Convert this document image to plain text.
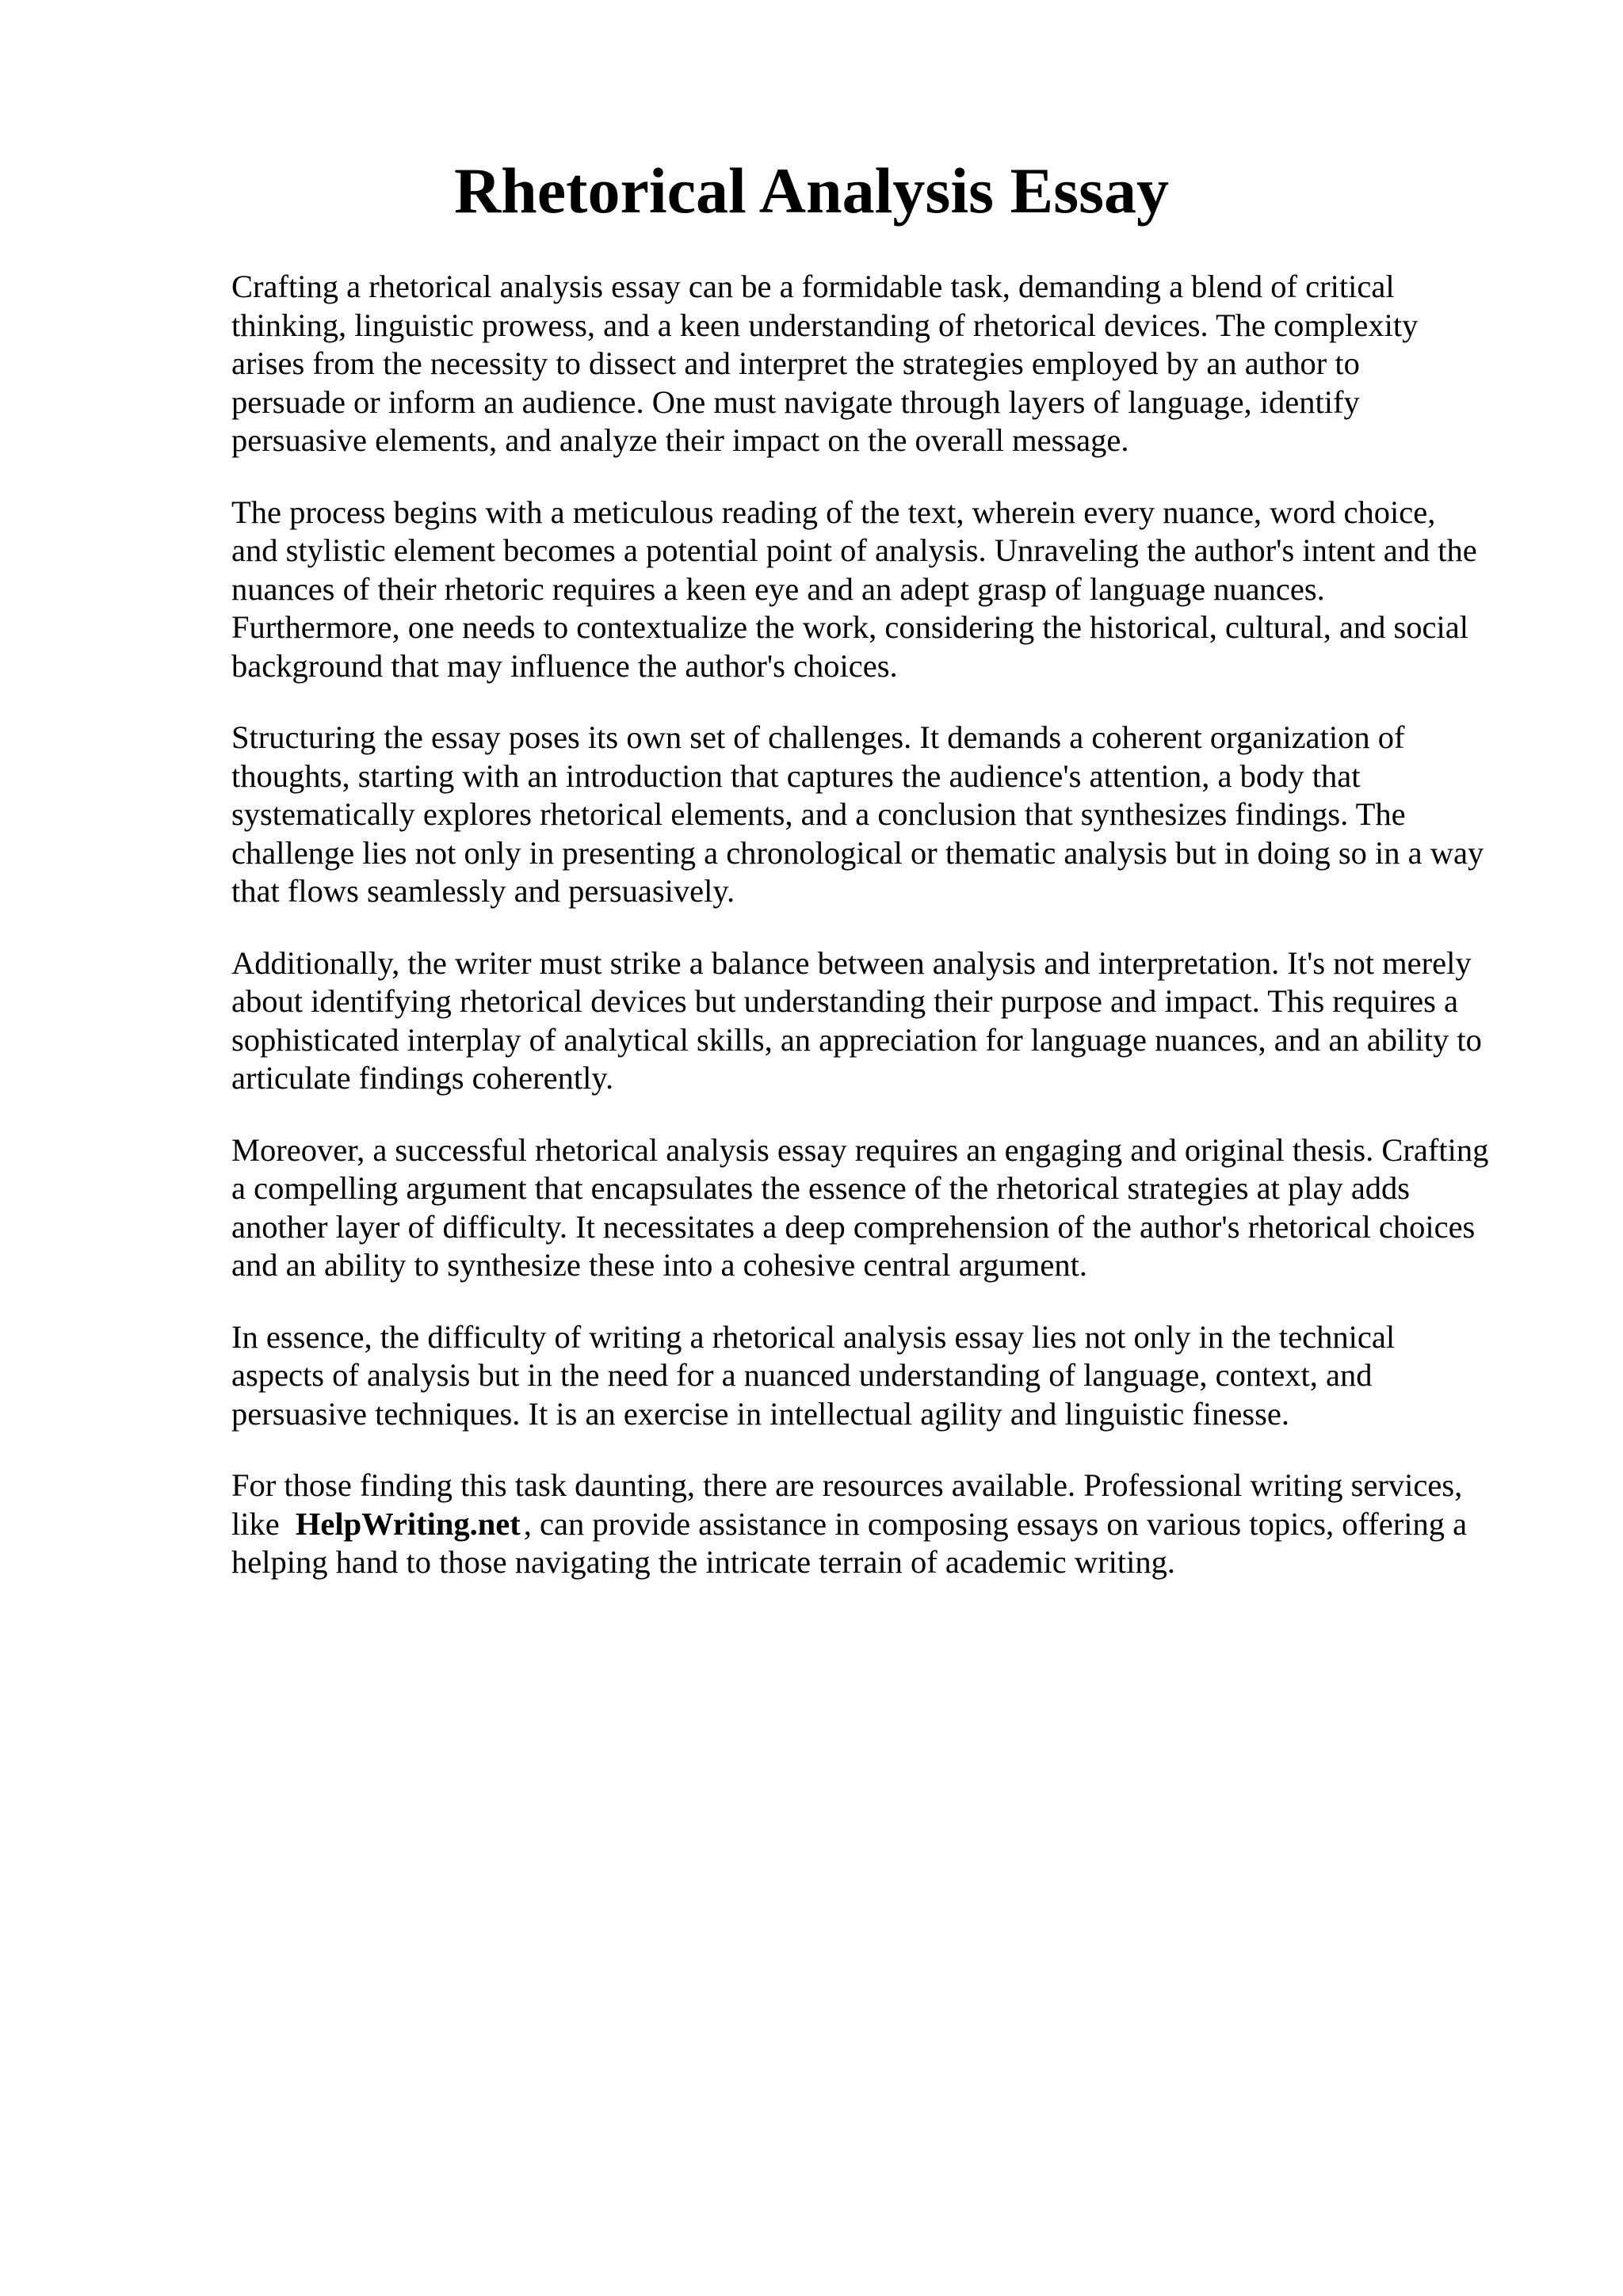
Rhetorical Analysis Essay

Crafting a rhetorical analysis essay can be a formidable task, demanding a blend of critical
thinking, linguistic prowess, and a keen understanding of rhetorical devices. The complexity
arises from the necessity to dissect and interpret the strategies employed by an author to
persuade or inform an audience. One must navigate through layers of language, identify
persuasive elements, and analyze their impact on the overall message.

The process begins with a meticulous reading of the text, wherein every nuance, word choice,
and stylistic element becomes a potential point of analysis. Unraveling the author's intent and the
nuances of their rhetoric requires a keen eye and an adept grasp of language nuances.
Furthermore, one needs to contextualize the work, considering the historical, cultural, and social
background that may influence the author's choices.

Structuring the essay poses its own set of challenges. It demands a coherent organization of
thoughts, starting with an introduction that captures the audience's attention, a body that
systematically explores rhetorical elements, and a conclusion that synthesizes findings. The
challenge lies not only in presenting a chronological or thematic analysis but in doing so in a way
that flows seamlessly and persuasively.

Additionally, the writer must strike a balance between analysis and interpretation. It's not merely
about identifying rhetorical devices but understanding their purpose and impact. This requires a
sophisticated interplay of analytical skills, an appreciation for language nuances, and an ability to
articulate findings coherently.

Moreover, a successful rhetorical analysis essay requires an engaging and original thesis. Crafting
a compelling argument that encapsulates the essence of the rhetorical strategies at play adds
another layer of difficulty. It necessitates a deep comprehension of the author's rhetorical choices
and an ability to synthesize these into a cohesive central argument.

In essence, the difficulty of writing a rhetorical analysis essay lies not only in the technical
aspects of analysis but in the need for a nuanced understanding of language, context, and
persuasive techniques. It is an exercise in intellectual agility and linguistic finesse.

For those finding this task daunting, there are resources available. Professional writing services,
like HelpWriting.net, can provide assistance in composing essays on various topics, offering a
helping hand to those navigating the intricate terrain of academic writing.
